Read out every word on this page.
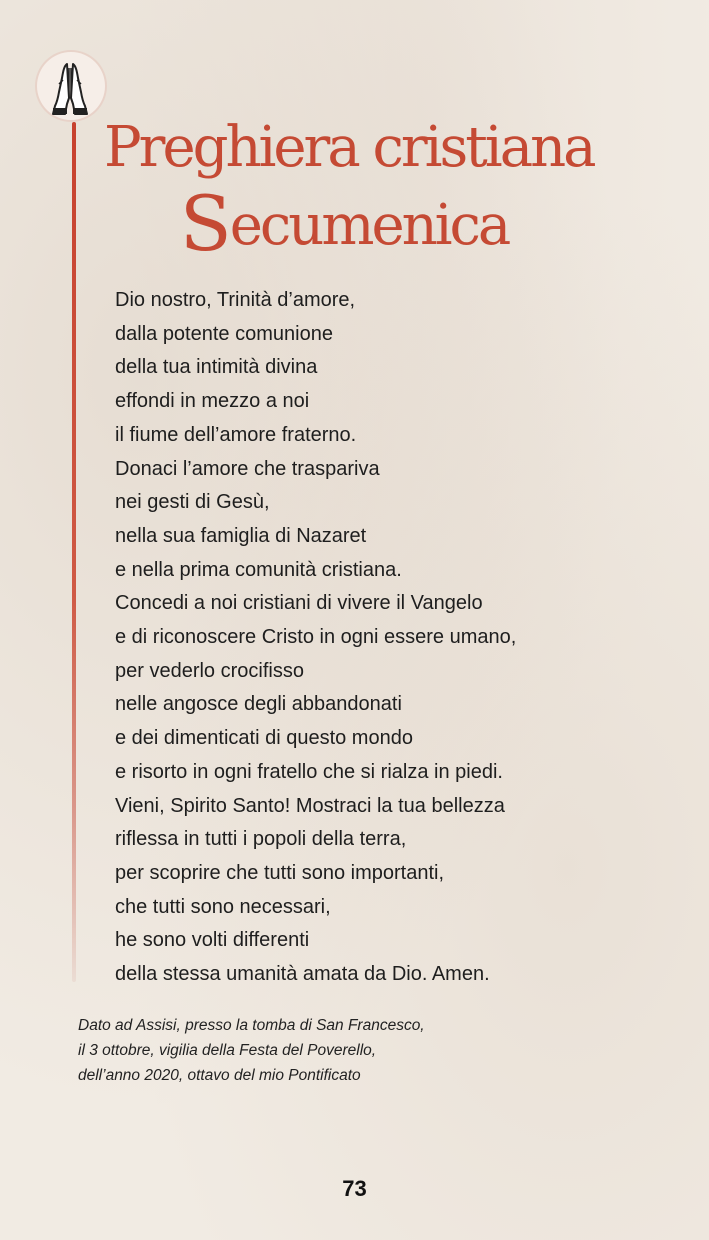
Preghiera cristiana
Secumenica
Dio nostro, Trinità d’amore,
dalla potente comunione
della tua intimità divina
effondi in mezzo a noi
il fiume dell’amore fraterno.
Donaci l’amore che traspariva
nei gesti di Gesù,
nella sua famiglia di Nazaret
e nella prima comunità cristiana.
Concedi a noi cristiani di vivere il Vangelo
e di riconoscere Cristo in ogni essere umano,
per vederlo crocifisso
nelle angosce degli abbandonati
e dei dimenticati di questo mondo
e risorto in ogni fratello che si rialza in piedi.
Vieni, Spirito Santo! Mostraci la tua bellezza
riflessa in tutti i popoli della terra,
per scoprire che tutti sono importanti,
che tutti sono necessari,
he sono volti differenti
della stessa umanità amata da Dio. Amen.
Dato ad Assisi, presso la tomba di San Francesco,
il 3 ottobre, vigilia della Festa del Poverello,
dell’anno 2020, ottavo del mio Pontificato
73
